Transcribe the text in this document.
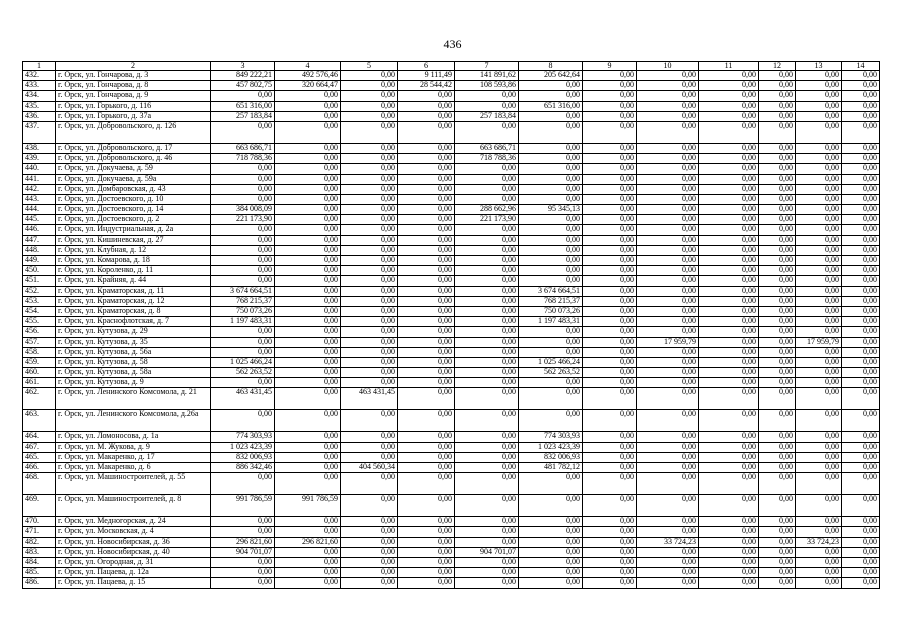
436
1	2	3	4	5	6	7	8	9	10	11	12	13	14
432.	г. Орск, ул. Гончарова, д. 3	849 222,21	492 576,46	0,00	9 111,49	141 891,62	205 642,64	0,00	0,00	0,00	0,00	0,00	0,00
433.	г. Орск, ул. Гончарова, д. 8	457 802,75	320 664,47	0,00	28 544,42	108 593,86	0,00	0,00	0,00	0,00	0,00	0,00	0,00
434.	г. Орск, ул. Гончарова, д. 9	0,00	0,00	0,00	0,00	0,00	0,00	0,00	0,00	0,00	0,00	0,00	0,00
435.	г. Орск, ул. Горького, д. 116	651 316,00	0,00	0,00	0,00	0,00	651 316,00	0,00	0,00	0,00	0,00	0,00	0,00
436.	г. Орск, ул. Горького, д. 37а	257 183,84	0,00	0,00	0,00	257 183,84	0,00	0,00	0,00	0,00	0,00	0,00	0,00
437.	г. Орск, ул. Добровольского, д. 126	0,00	0,00	0,00	0,00	0,00	0,00	0,00	0,00	0,00	0,00	0,00	0,00
438.	г. Орск, ул. Добровольского, д. 17	663 686,71	0,00	0,00	0,00	663 686,71	0,00	0,00	0,00	0,00	0,00	0,00	0,00
439.	г. Орск, ул. Добровольского, д. 46	718 788,36	0,00	0,00	0,00	718 788,36	0,00	0,00	0,00	0,00	0,00	0,00	0,00
440.	г. Орск, ул. Докучаева, д. 59	0,00	0,00	0,00	0,00	0,00	0,00	0,00	0,00	0,00	0,00	0,00	0,00
441.	г. Орск, ул. Докучаева, д. 59а	0,00	0,00	0,00	0,00	0,00	0,00	0,00	0,00	0,00	0,00	0,00	0,00
442.	г. Орск, ул. Домбаровская, д. 43	0,00	0,00	0,00	0,00	0,00	0,00	0,00	0,00	0,00	0,00	0,00	0,00
443.	г. Орск, ул. Достоевского, д. 10	0,00	0,00	0,00	0,00	0,00	0,00	0,00	0,00	0,00	0,00	0,00	0,00
444.	г. Орск, ул. Достоевского, д. 14	384 008,09	0,00	0,00	0,00	288 662,96	95 345,13	0,00	0,00	0,00	0,00	0,00	0,00
445.	г. Орск, ул. Достоевского, д. 2	221 173,90	0,00	0,00	0,00	221 173,90	0,00	0,00	0,00	0,00	0,00	0,00	0,00
446.	г. Орск, ул. Индустриальная, д. 2а	0,00	0,00	0,00	0,00	0,00	0,00	0,00	0,00	0,00	0,00	0,00	0,00
447.	г. Орск, ул. Кишиневская, д. 27	0,00	0,00	0,00	0,00	0,00	0,00	0,00	0,00	0,00	0,00	0,00	0,00
448.	г. Орск, ул. Клубная, д. 12	0,00	0,00	0,00	0,00	0,00	0,00	0,00	0,00	0,00	0,00	0,00	0,00
449.	г. Орск, ул. Комарова, д. 18	0,00	0,00	0,00	0,00	0,00	0,00	0,00	0,00	0,00	0,00	0,00	0,00
450.	г. Орск, ул. Короленко, д. 11	0,00	0,00	0,00	0,00	0,00	0,00	0,00	0,00	0,00	0,00	0,00	0,00
451.	г. Орск, ул. Крайняя, д. 44	0,00	0,00	0,00	0,00	0,00	0,00	0,00	0,00	0,00	0,00	0,00	0,00
452.	г. Орск, ул. Краматорская, д. 11	3 674 664,51	0,00	0,00	0,00	0,00	3 674 664,51	0,00	0,00	0,00	0,00	0,00	0,00
453.	г. Орск, ул. Краматорская, д. 12	768 215,37	0,00	0,00	0,00	0,00	768 215,37	0,00	0,00	0,00	0,00	0,00	0,00
454.	г. Орск, ул. Краматорская, д. 8	750 073,26	0,00	0,00	0,00	0,00	750 073,26	0,00	0,00	0,00	0,00	0,00	0,00
455.	г. Орск, ул. Краснофлотская, д. 7	1 197 483,31	0,00	0,00	0,00	0,00	1 197 483,31	0,00	0,00	0,00	0,00	0,00	0,00
456.	г. Орск, ул. Кутузова, д. 29	0,00	0,00	0,00	0,00	0,00	0,00	0,00	0,00	0,00	0,00	0,00	0,00
457.	г. Орск, ул. Кутузова, д. 35	0,00	0,00	0,00	0,00	0,00	0,00	0,00	17 959,79	0,00	0,00	17 959,79	0,00
458.	г. Орск, ул. Кутузова, д. 56а	0,00	0,00	0,00	0,00	0,00	0,00	0,00	0,00	0,00	0,00	0,00	0,00
459.	г. Орск, ул. Кутузова, д. 58	1 025 466,24	0,00	0,00	0,00	0,00	1 025 466,24	0,00	0,00	0,00	0,00	0,00	0,00
460.	г. Орск, ул. Кутузова, д. 58а	562 263,52	0,00	0,00	0,00	0,00	562 263,52	0,00	0,00	0,00	0,00	0,00	0,00
461.	г. Орск, ул. Кутузова, д. 9	0,00	0,00	0,00	0,00	0,00	0,00	0,00	0,00	0,00	0,00	0,00	0,00
462.	г. Орск, ул. Ленинского Комсомола, д. 21	463 431,45	0,00	463 431,45	0,00	0,00	0,00	0,00	0,00	0,00	0,00	0,00	0,00
463.	г. Орск, ул. Ленинского Комсомола, д.26а	0,00	0,00	0,00	0,00	0,00	0,00	0,00	0,00	0,00	0,00	0,00	0,00
464.	г. Орск, ул. Ломоносова, д. 1а	774 303,93	0,00	0,00	0,00	0,00	774 303,93	0,00	0,00	0,00	0,00	0,00	0,00
467.	г. Орск, ул. М. Жукова, д. 9	1 023 423,39	0,00	0,00	0,00	0,00	1 023 423,39	0,00	0,00	0,00	0,00	0,00	0,00
465.	г. Орск, ул. Макаренко, д. 17	832 006,93	0,00	0,00	0,00	0,00	832 006,93	0,00	0,00	0,00	0,00	0,00	0,00
466.	г. Орск, ул. Макаренко, д. 6	886 342,46	0,00	404 560,34	0,00	0,00	481 782,12	0,00	0,00	0,00	0,00	0,00	0,00
468.	г. Орск, ул. Машиностроителей, д. 55	0,00	0,00	0,00	0,00	0,00	0,00	0,00	0,00	0,00	0,00	0,00	0,00
469.	г. Орск, ул. Машиностроителей, д. 8	991 786,59	991 786,59	0,00	0,00	0,00	0,00	0,00	0,00	0,00	0,00	0,00	0,00
470.	г. Орск, ул. Медногорская, д. 24	0,00	0,00	0,00	0,00	0,00	0,00	0,00	0,00	0,00	0,00	0,00	0,00
471.	г. Орск, ул. Московская, д. 4	0,00	0,00	0,00	0,00	0,00	0,00	0,00	0,00	0,00	0,00	0,00	0,00
482.	г. Орск, ул. Новосибирская, д. 36	296 821,60	296 821,60	0,00	0,00	0,00	0,00	0,00	33 724,23	0,00	0,00	33 724,23	0,00
483.	г. Орск, ул. Новосибирская, д. 40	904 701,07	0,00	0,00	0,00	904 701,07	0,00	0,00	0,00	0,00	0,00	0,00	0,00
484.	г. Орск, ул. Огородная, д. 31	0,00	0,00	0,00	0,00	0,00	0,00	0,00	0,00	0,00	0,00	0,00	0,00
485.	г. Орск, ул. Пацаева, д. 12а	0,00	0,00	0,00	0,00	0,00	0,00	0,00	0,00	0,00	0,00	0,00	0,00
486.	г. Орск, ул. Пацаева, д. 15	0,00	0,00	0,00	0,00	0,00	0,00	0,00	0,00	0,00	0,00	0,00	0,00
